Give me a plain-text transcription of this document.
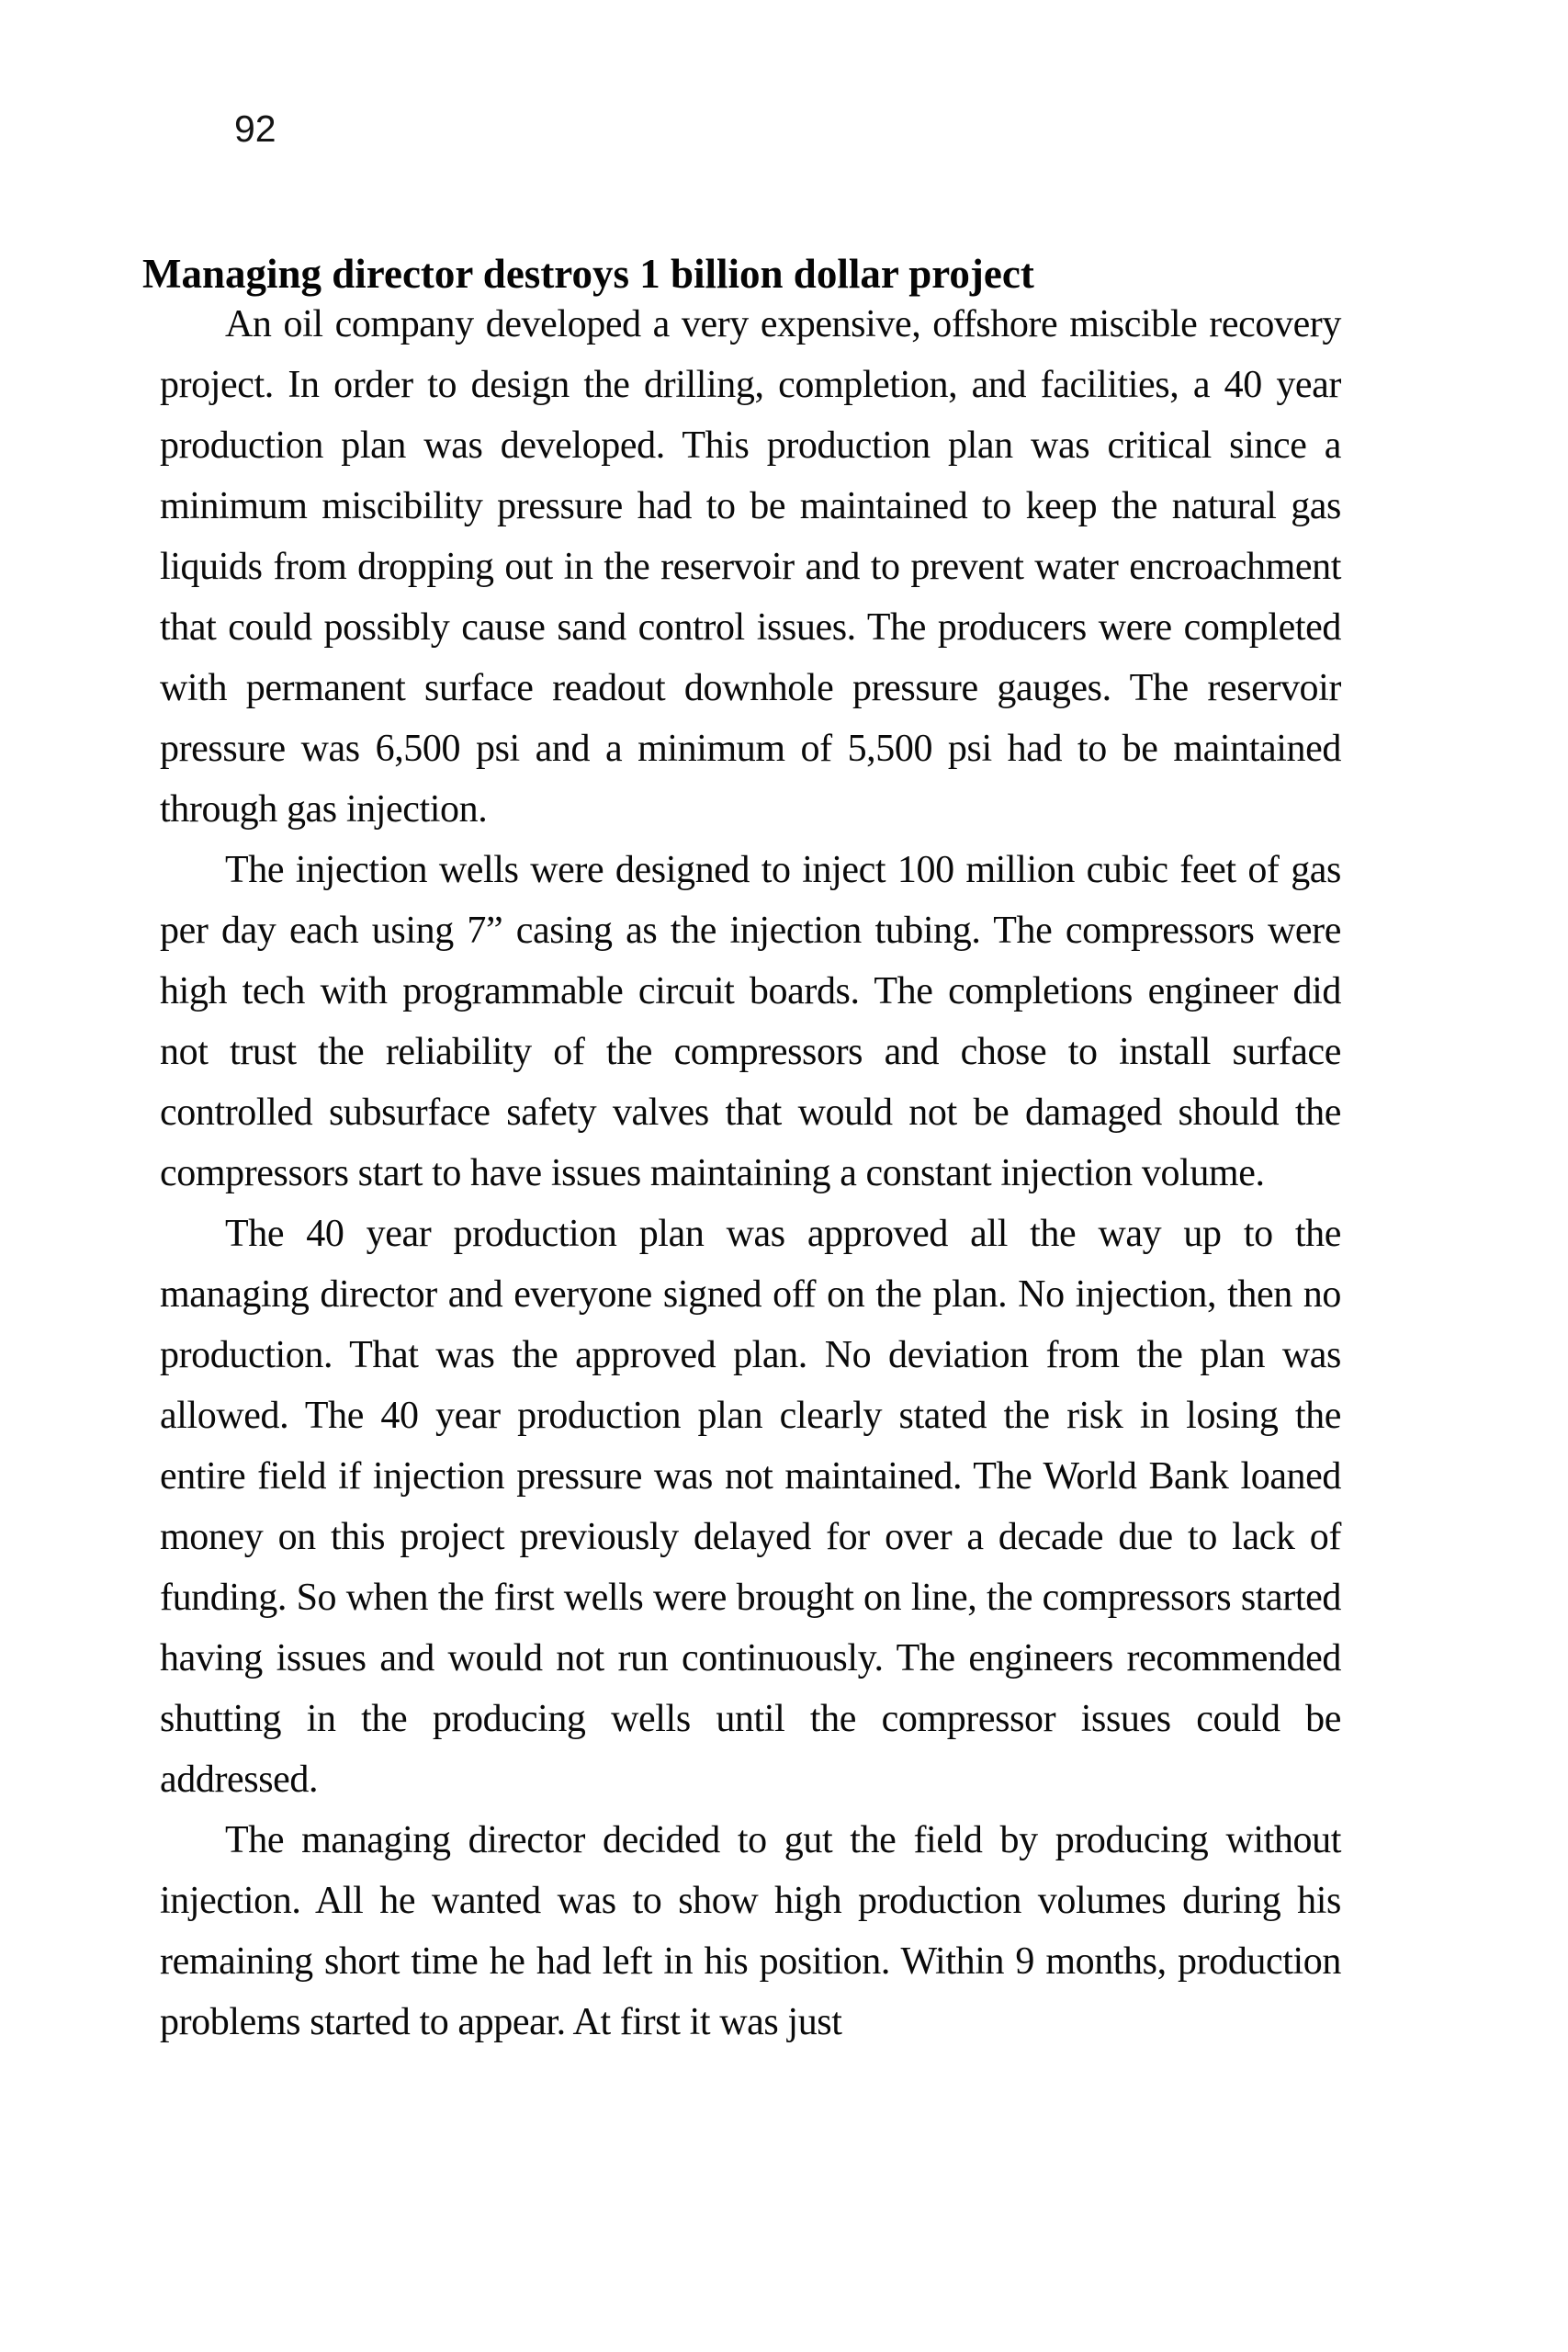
92
Managing director destroys 1 billion dollar project

An oil company developed a very expensive, offshore miscible recovery project. In order to design the drilling, completion, and facilities, a 40 year production plan was developed. This production plan was critical since a minimum miscibility pressure had to be maintained to keep the natural gas liquids from dropping out in the reservoir and to prevent water encroachment that could possibly cause sand control issues. The producers were completed with permanent surface readout downhole pressure gauges. The reservoir pressure was 6,500 psi and a minimum of 5,500 psi had to be maintained through gas injection.

The injection wells were designed to inject 100 million cubic feet of gas per day each using 7” casing as the injection tubing. The compressors were high tech with programmable circuit boards. The completions engineer did not trust the reliability of the compressors and chose to install surface controlled subsurface safety valves that would not be damaged should the compressors start to have issues maintaining a constant injection volume.

The 40 year production plan was approved all the way up to the managing director and everyone signed off on the plan. No injection, then no production. That was the approved plan. No deviation from the plan was allowed. The 40 year production plan clearly stated the risk in losing the entire field if injection pressure was not maintained. The World Bank loaned money on this project previously delayed for over a decade due to lack of funding. So when the first wells were brought on line, the compressors started having issues and would not run continuously. The engineers recommended shutting in the producing wells until the compressor issues could be addressed.

The managing director decided to gut the field by producing without injection. All he wanted was to show high production volumes during his remaining short time he had left in his position. Within 9 months, production problems started to appear. At first it was just
